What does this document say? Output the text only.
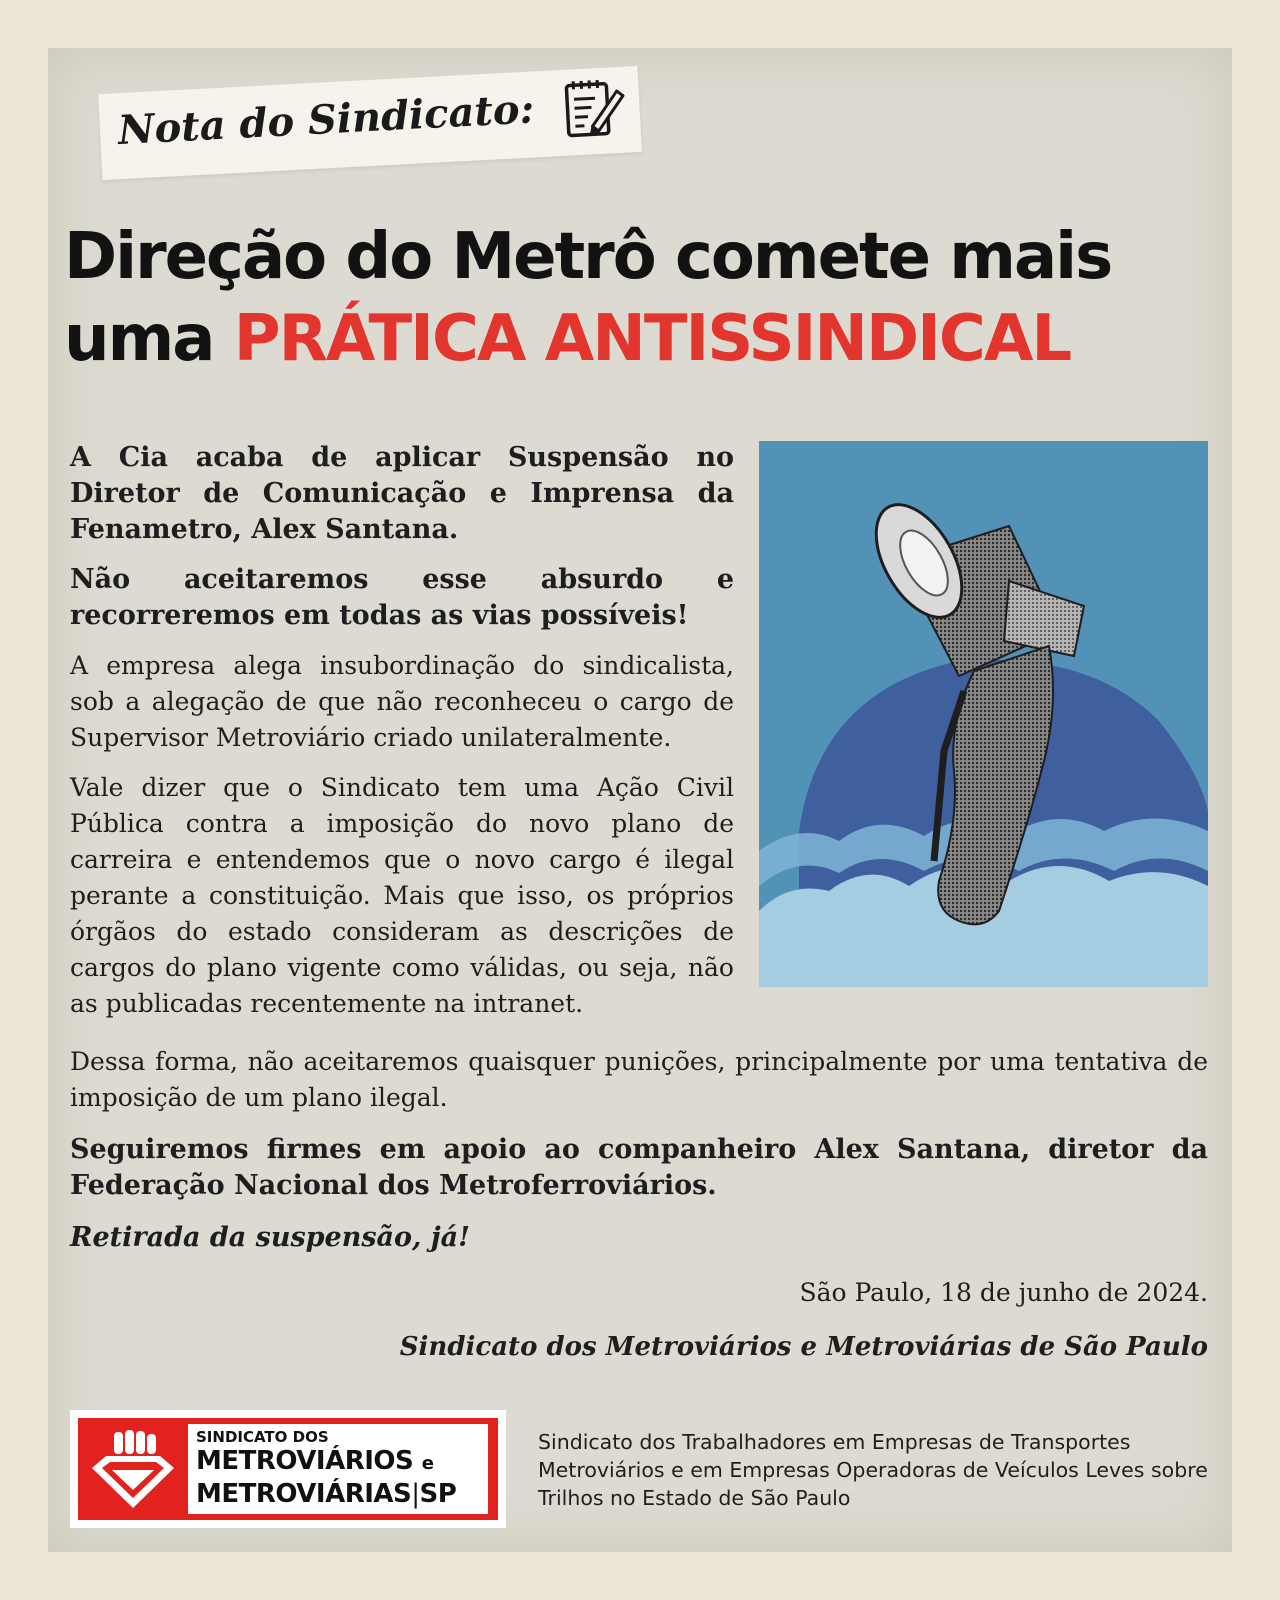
Nota do Sindicato:
Direção do Metrô comete mais
uma PRÁTICA ANTISSINDICAL

A Cia acaba de aplicar Suspensão no Diretor de Comunicação e Imprensa da Fenametro, Alex Santana.

Não aceitaremos esse absurdo e recorreremos em todas as vias possíveis!

A empresa alega insubordinação do sindicalista, sob a alegação de que não reconheceu o cargo de Supervisor Metroviário criado unilateralmente.

Vale dizer que o Sindicato tem uma Ação Civil Pública contra a imposição do novo plano de carreira e entendemos que o novo cargo é ilegal perante a constituição. Mais que isso, os próprios órgãos do estado consideram as descrições de cargos do plano vigente como válidas, ou seja, não as publicadas recentemente na intranet.

Dessa forma, não aceitaremos quaisquer punições, principalmente por uma tentativa de imposição de um plano ilegal.

Seguiremos firmes em apoio ao companheiro Alex Santana, diretor da Federação Nacional dos Metroferroviários.

Retirada da suspensão, já!

São Paulo, 18 de junho de 2024.
Sindicato dos Metroviários e Metroviárias de São Paulo
SINDICATO DOS
METROVIÁRIOS e
METROVIÁRIAS|SP
Sindicato dos Trabalhadores em Empresas de Transportes Metroviários e em Empresas Operadoras de Veículos Leves sobre Trilhos no Estado de São Paulo
